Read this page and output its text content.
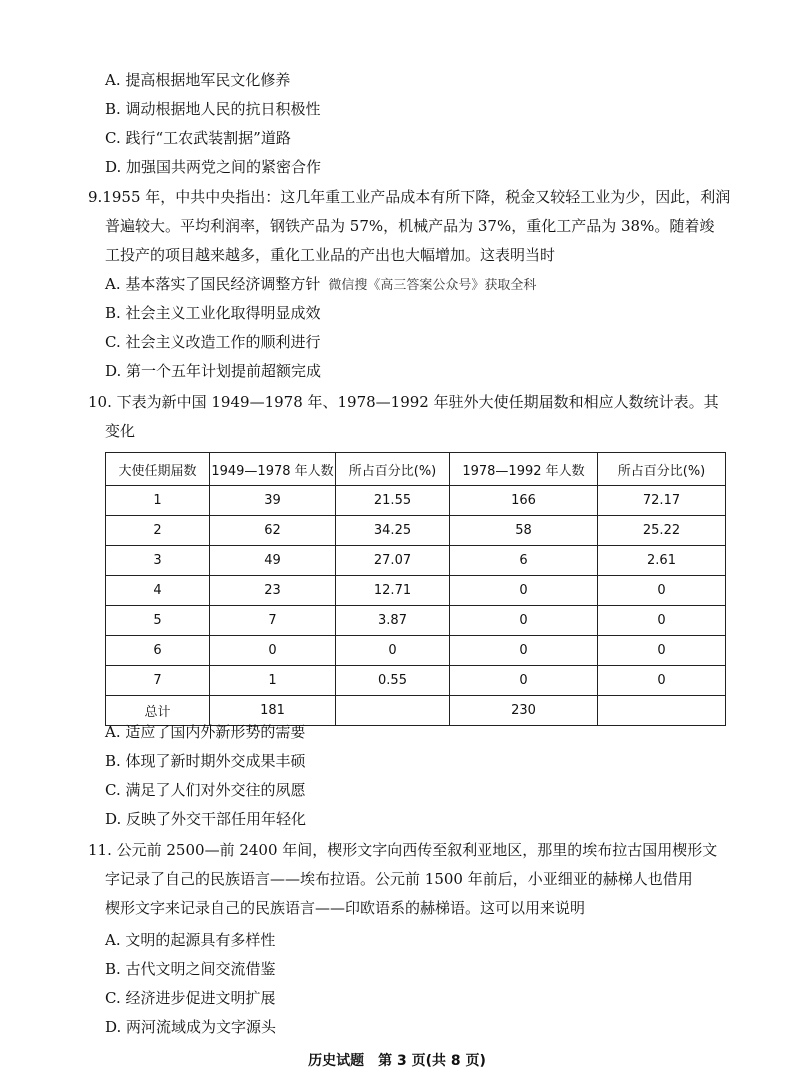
A. 提高根据地军民文化修养
B. 调动根据地人民的抗日积极性
C. 践行“工农武装割据”道路
D. 加强国共两党之间的紧密合作
9.1955 年，中共中央指出：这几年重工业产品成本有所下降，税金又较轻工业为少，因此，利润
普遍较大。平均利润率，钢铁产品为 57%，机械产品为 37%，重化工产品为 38%。随着竣
工投产的项目越来越多，重化工业品的产出也大幅增加。这表明当时
A. 基本落实了国民经济调整方针 微信搜《高三答案公众号》获取全科
B. 社会主义工业化取得明显成效
C. 社会主义改造工作的顺利进行
D. 第一个五年计划提前超额完成
10. 下表为新中国 1949—1978 年、1978—1992 年驻外大使任期届数和相应人数统计表。其
变化
大使任期届数	1949—1978 年人数	所占百分比(%)	1978—1992 年人数	所占百分比(%)
1	39	21.55	166	72.17
2	62	34.25	58	25.22
3	49	27.07	6	2.61
4	23	12.71	0	0
5	7	3.87	0	0
6	0	0	0	0
7	1	0.55	0	0
总计	181		230	
A. 适应了国内外新形势的需要
B. 体现了新时期外交成果丰硕
C. 满足了人们对外交往的夙愿
D. 反映了外交干部任用年轻化
11. 公元前 2500—前 2400 年间，楔形文字向西传至叙利亚地区，那里的埃布拉古国用楔形文
字记录了自己的民族语言——埃布拉语。公元前 1500 年前后，小亚细亚的赫梯人也借用
楔形文字来记录自己的民族语言——印欧语系的赫梯语。这可以用来说明
A. 文明的起源具有多样性
B. 古代文明之间交流借鉴
C. 经济进步促进文明扩展
D. 两河流域成为文字源头
历史试题　第 3 页(共 8 页)
